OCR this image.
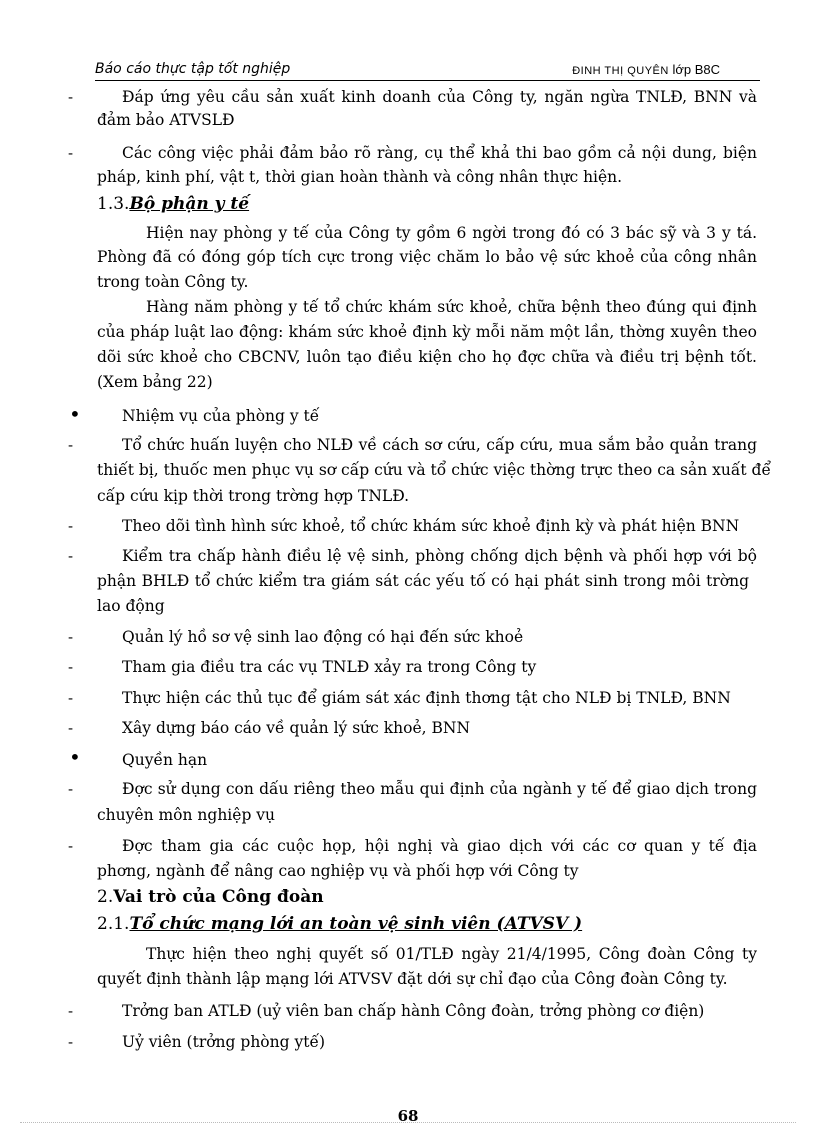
Báo cáo thực tập tốt nghiệp	ĐINH THỊ QUYÊN lớp B8C
-	Đáp ứng yêu cầu sản xuất kinh doanh của Công ty, ngăn ngừa TNLĐ, BNN và
đảm bảo ATVSLĐ
-	Các công việc phải đảm bảo rõ ràng, cụ thể khả thi bao gồm cả nội dung, biện
pháp, kinh phí, vật t, thời gian hoàn thành và công nhân thực hiện.
1.3.Bộ phận y tế
Hiện nay phòng y tế của Công ty gồm 6 ngời trong đó có 3 bác sỹ và 3 y tá.
Phòng đã có đóng góp tích cực trong việc chăm lo bảo vệ sức khoẻ của công nhân
trong toàn Công ty.
Hàng năm phòng y tế tổ chức khám sức khoẻ, chữa bệnh theo đúng qui định
của pháp luật lao động: khám sức khoẻ định kỳ mỗi năm một lần, thờng xuyên theo
dõi sức khoẻ cho CBCNV, luôn tạo điều kiện cho họ đợc chữa và điều trị bệnh tốt.
(Xem bảng 22)
•	Nhiệm vụ của phòng y tế
-	Tổ chức huấn luyện cho NLĐ về cách sơ cứu, cấp cứu, mua sắm bảo quản trang
thiết bị, thuốc men phục vụ sơ cấp cứu và tổ chức việc thờng trực theo ca sản xuất để
cấp cứu kịp thời trong trờng hợp TNLĐ.
-	Theo dõi tình hình sức khoẻ, tổ chức khám sức khoẻ định kỳ và phát hiện BNN
-	Kiểm tra chấp hành điều lệ vệ sinh, phòng chống dịch bệnh và phối hợp với bộ
phận BHLĐ tổ chức kiểm tra giám sát các yếu tố có hại phát sinh trong môi trờng
lao động
-	Quản lý hồ sơ vệ sinh lao động có hại đến sức khoẻ
-	Tham gia điều tra các vụ TNLĐ xảy ra trong Công ty
-	Thực hiện các thủ tục để giám sát xác định thơng tật cho NLĐ bị TNLĐ, BNN
-	Xây dựng báo cáo về quản lý sức khoẻ, BNN
•	Quyền hạn
-	Đợc sử dụng con dấu riêng theo mẫu qui định của ngành y tế để giao dịch trong
chuyên môn nghiệp vụ
-	Đợc tham gia các cuộc họp, hội nghị và giao dịch với các cơ quan y tế địa
phơng, ngành để nâng cao nghiệp vụ và phối hợp với Công ty
2.Vai trò của Công đoàn
2.1.Tổ chức mạng lới an toàn vệ sinh viên (ATVSV )
Thực hiện theo nghị quyết số 01/TLĐ ngày 21/4/1995, Công đoàn Công ty
quyết định thành lập mạng lới ATVSV đặt dới sự chỉ đạo của Công đoàn Công ty.
-	Trởng ban ATLĐ (uỷ viên ban chấp hành Công đoàn, trởng phòng cơ điện)
-	Uỷ viên (trởng phòng ytế)
68
